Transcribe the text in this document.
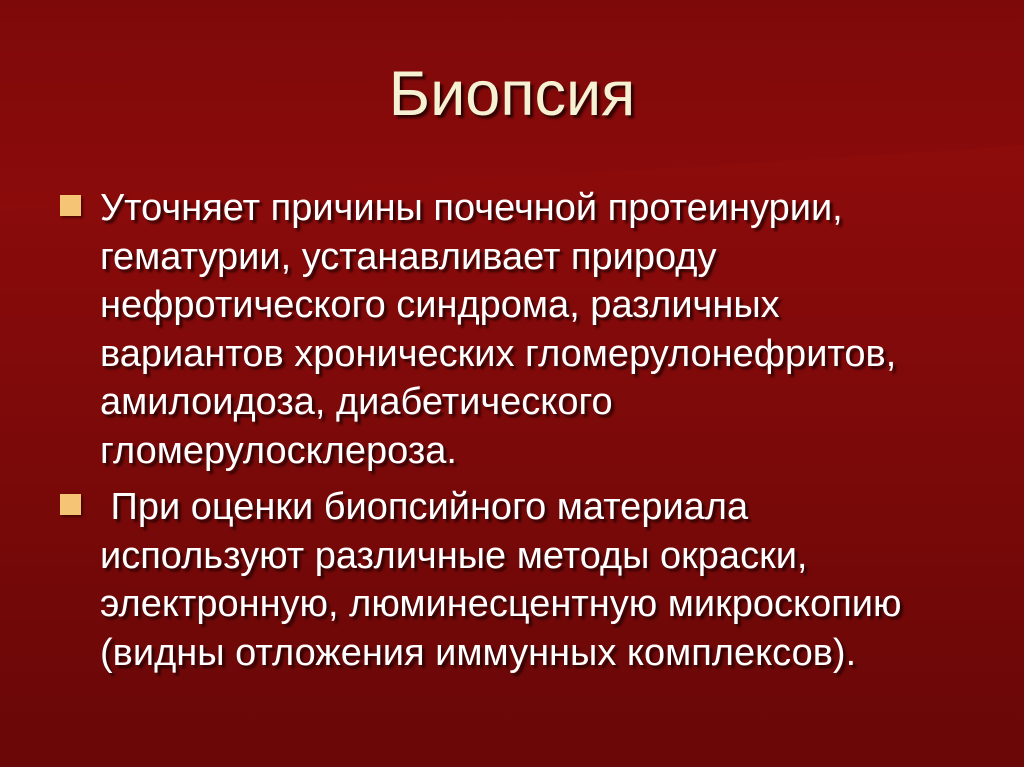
Биопсия
Уточняет причины почечной протеинурии,
гематурии, устанавливает природу
нефротического синдрома, различных
вариантов хронических гломерулонефритов,
амилоидоза, диабетического
гломерулосклероза.
При оценки биопсийного материала
используют различные методы окраски,
электронную, люминесцентную микроскопию
(видны отложения иммунных комплексов).
